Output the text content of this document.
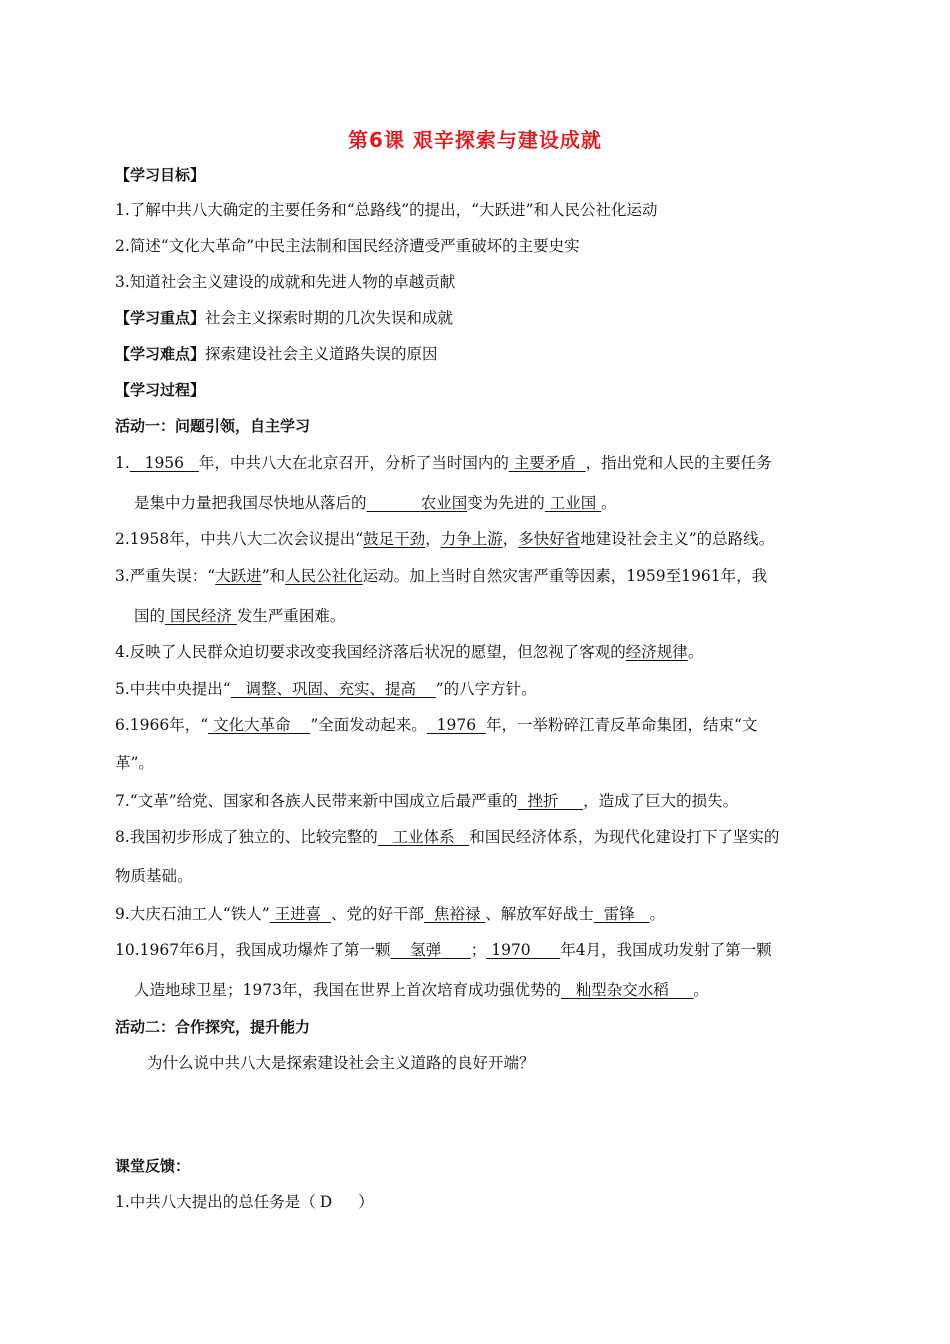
第6课 艰辛探索与建设成就
【学习目标】
1.了解中共八大确定的主要任务和“总路线”的提出，“大跃进”和人民公社化运动
2.简述“文化大革命”中民主法制和国民经济遭受严重破坏的主要史实
3.知道社会主义建设的成就和先进人物的卓越贡献
【学习重点】社会主义探索时期的几次失误和成就
【学习难点】探索建设社会主义道路失误的原因
【学习过程】
活动一：问题引领，自主学习
1. 1956 年，中共八大在北京召开，分析了当时国内的 主要矛盾 ，指出党和人民的主要任务
是集中力量把我国尽快地从落后的	农业国变为先进的 工业国 。
2.1958年，中共八大二次会议提出“鼓足干劲，力争上游，多快好省地建设社会主义”的总路线。
3.严重失误：“大跃进”和人民公社化运动。加上当时自然灾害严重等因素，1959至1961年，我
国的 国民经济 发生严重困难。
4.反映了人民群众迫切要求改变我国经济落后状况的愿望，但忽视了客观的经济规律。
5.中共中央提出“ 调整、巩固、充实、提高 ”的八字方针。
6.1966年，“ 文化大革命 ”全面发动起来。 1976 年，一举粉碎江青反革命集团，结束“文
革”。
7.“文革”给党、国家和各族人民带来新中国成立后最严重的 挫折 ，造成了巨大的损失。
8.我国初步形成了独立的、比较完整的 工业体系 和国民经济体系，为现代化建设打下了坚实的
物质基础。
9.大庆石油工人“铁人” 王进喜 、党的好干部 焦裕禄 、解放军好战士 雷锋 。
10.1967年6月，我国成功爆炸了第一颗 氢弹 ； 1970 年4月，我国成功发射了第一颗
人造地球卫星；1973年，我国在世界上首次培育成功强优势的 籼型杂交水稻 。
活动二：合作探究，提升能力
为什么说中共八大是探索建设社会主义道路的良好开端？
课堂反馈：
1.中共八大提出的总任务是（ D ）
